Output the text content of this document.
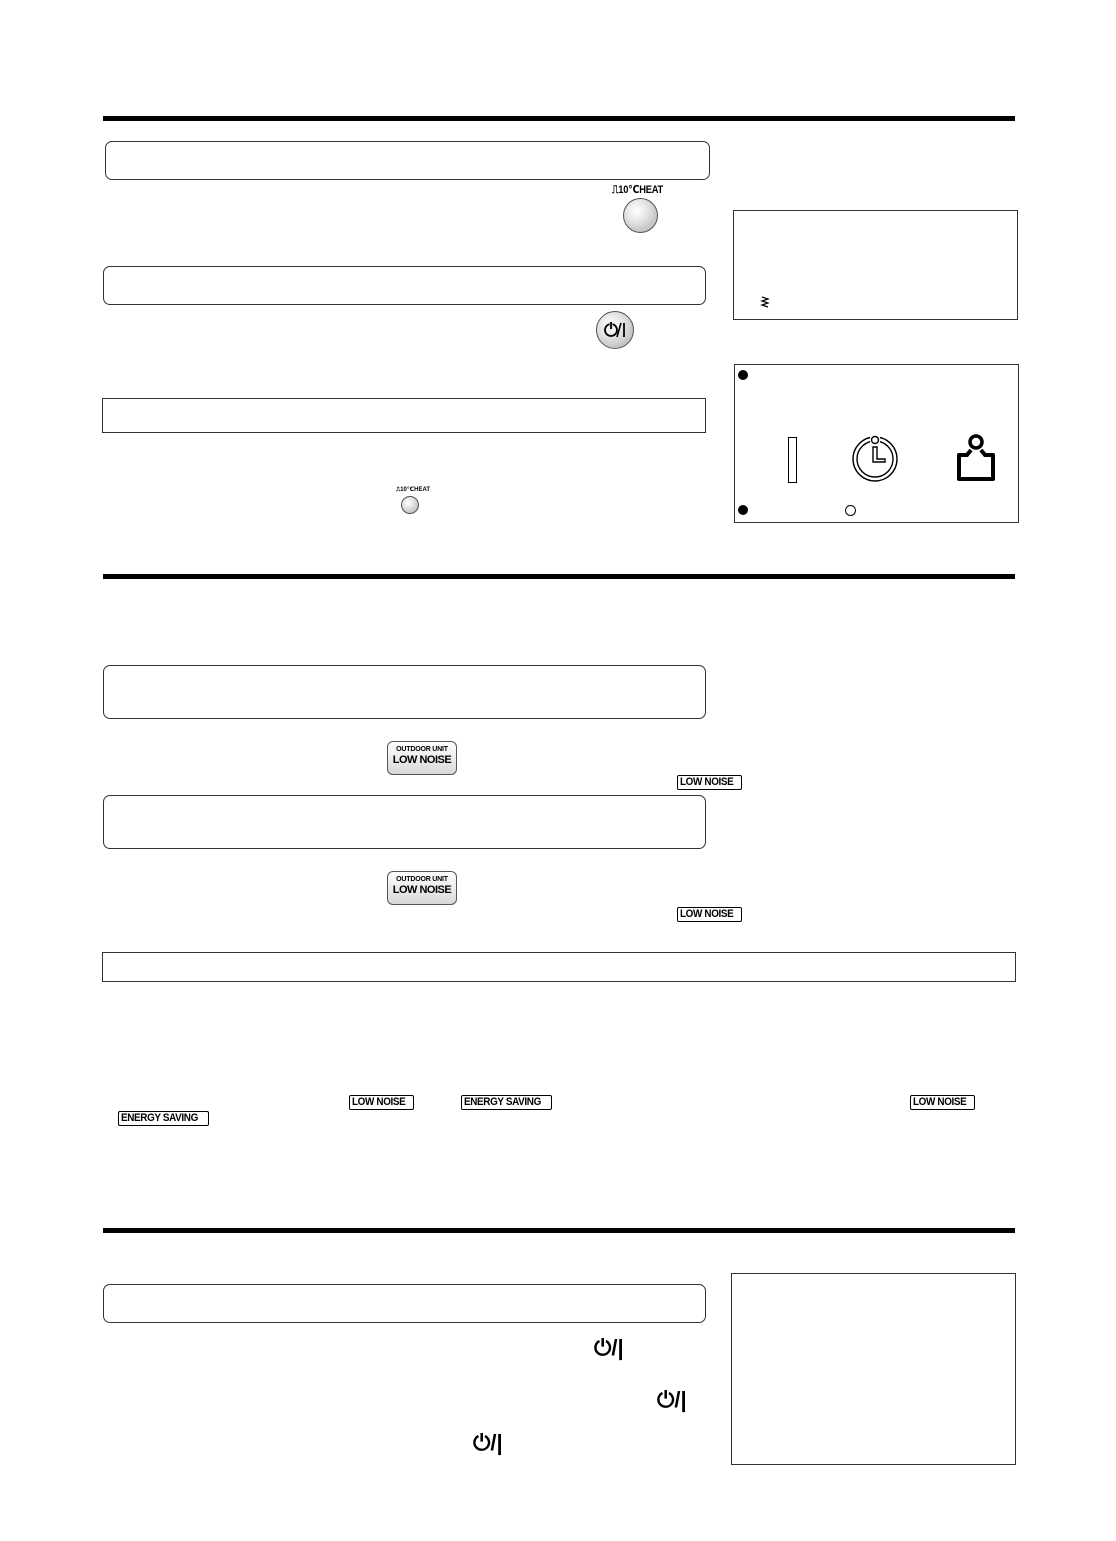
⎍10℃HEAT
⎍10℃HEAT
OUTDOOR UNIT
LOW NOISE
LOW NOISE
OUTDOOR UNIT
LOW NOISE
LOW NOISE
LOW NOISE	ENERGY SAVING	LOW NOISE
ENERGY SAVING
⏻/|
⏻/|
⏻/|
